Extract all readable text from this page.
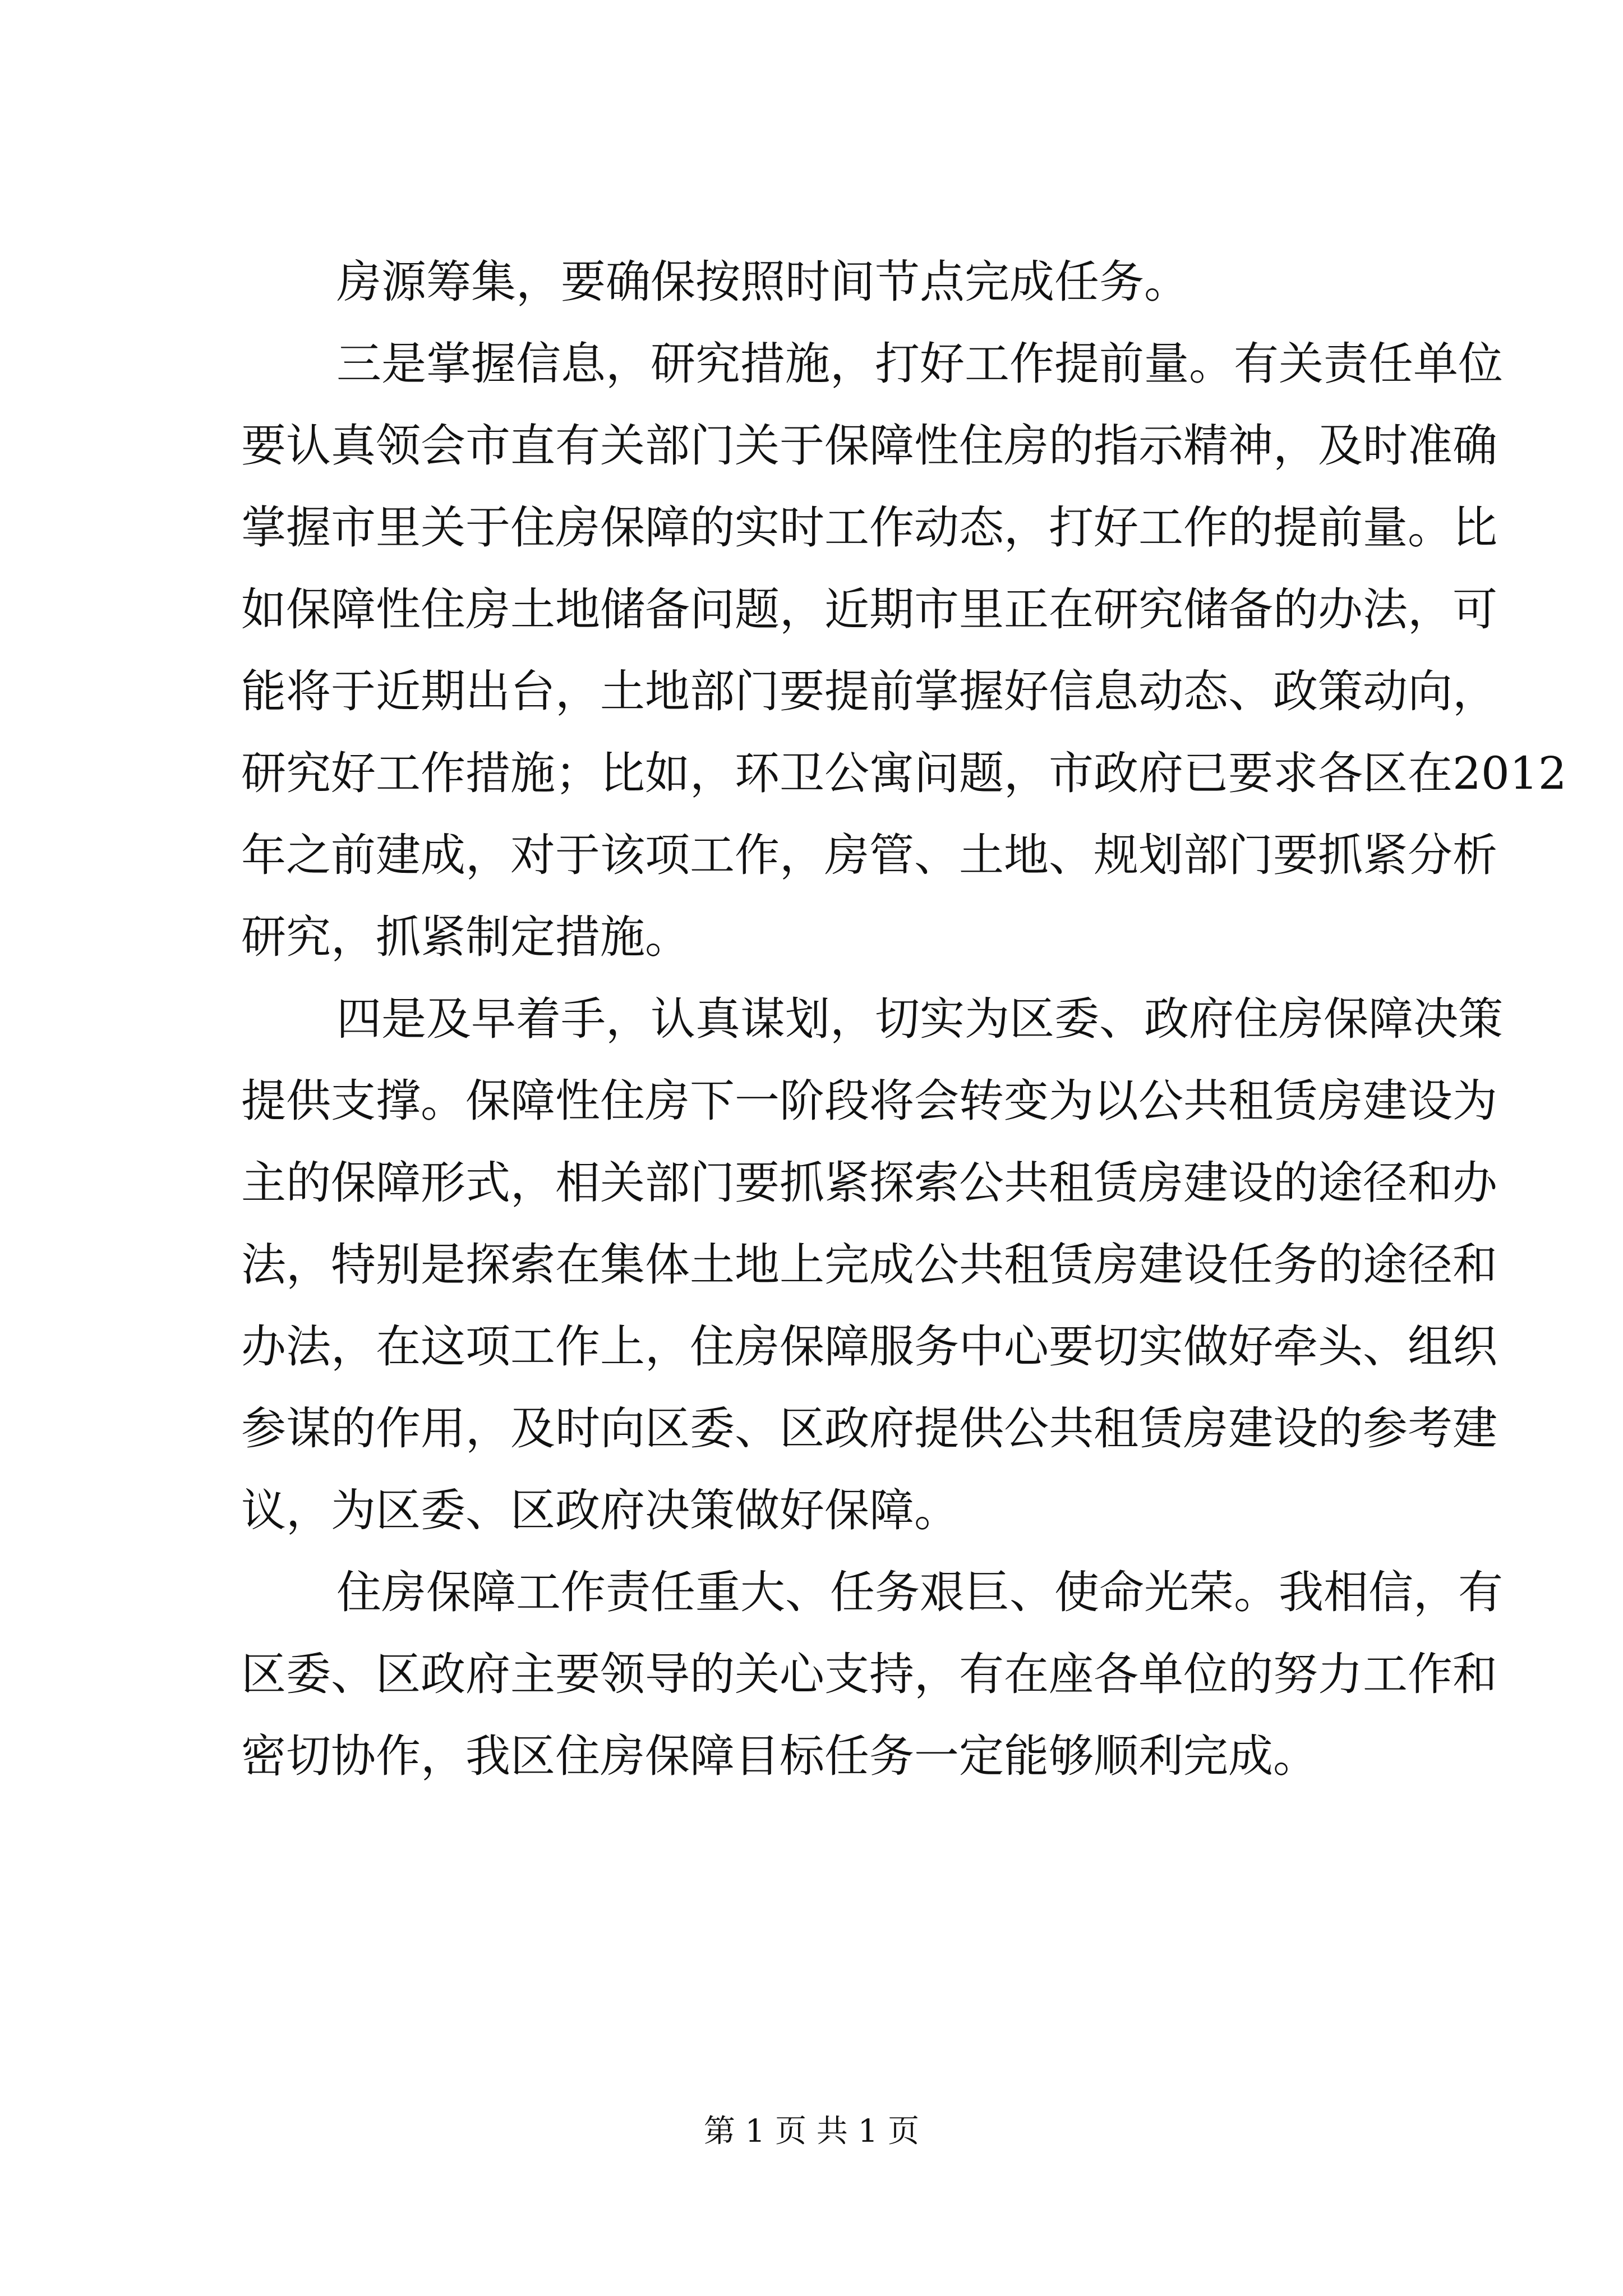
房源筹集，要确保按照时间节点完成任务。
三是掌握信息，研究措施，打好工作提前量。有关责任单位
要认真领会市直有关部门关于保障性住房的指示精神，及时准确
掌握市里关于住房保障的实时工作动态，打好工作的提前量。比
如保障性住房土地储备问题，近期市里正在研究储备的办法，可
能将于近期出台，土地部门要提前掌握好信息动态、政策动向，
研究好工作措施；比如，环卫公寓问题，市政府已要求各区在2012
年之前建成，对于该项工作，房管、土地、规划部门要抓紧分析
研究，抓紧制定措施。
四是及早着手，认真谋划，切实为区委、政府住房保障决策
提供支撑。保障性住房下一阶段将会转变为以公共租赁房建设为
主的保障形式，相关部门要抓紧探索公共租赁房建设的途径和办
法，特别是探索在集体土地上完成公共租赁房建设任务的途径和
办法，在这项工作上，住房保障服务中心要切实做好牵头、组织
参谋的作用，及时向区委、区政府提供公共租赁房建设的参考建
议，为区委、区政府决策做好保障。
住房保障工作责任重大、任务艰巨、使命光荣。我相信，有
区委、区政府主要领导的关心支持，有在座各单位的努力工作和
密切协作，我区住房保障目标任务一定能够顺利完成。
第 1 页 共 1 页
